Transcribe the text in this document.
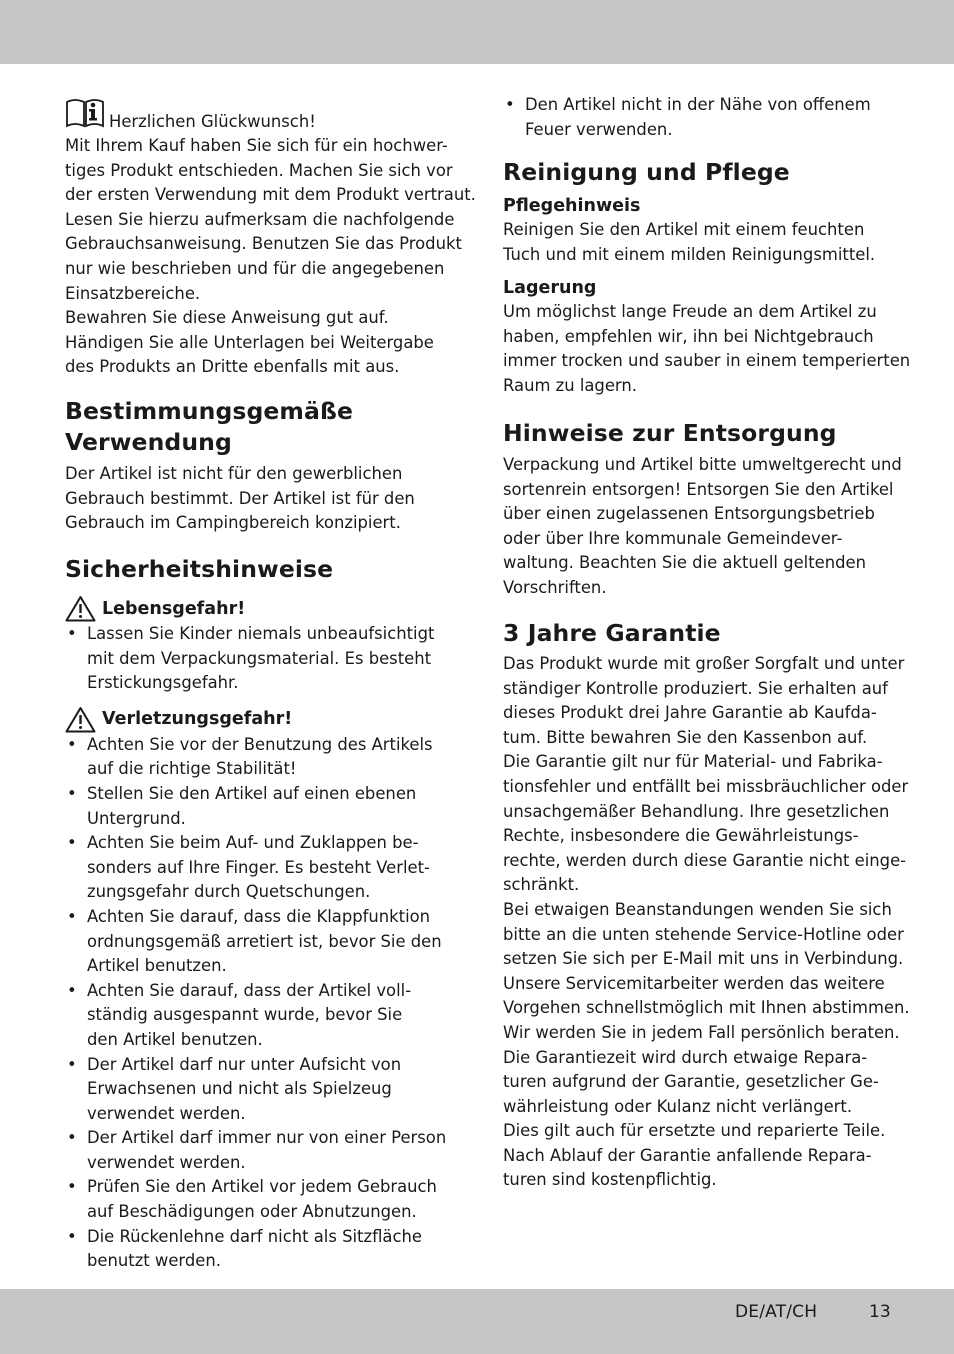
Herzlichen Glückwunsch!

Mit Ihrem Kauf haben Sie sich für ein hochwer-
tiges Produkt entschieden. Machen Sie sich vor
der ersten Verwendung mit dem Produkt vertraut.
Lesen Sie hierzu aufmerksam die nachfolgende
Gebrauchsanweisung. Benutzen Sie das Produkt
nur wie beschrieben und für die angegebenen
Einsatzbereiche.
Bewahren Sie diese Anweisung gut auf.
Händigen Sie alle Unterlagen bei Weitergabe
des Produkts an Dritte ebenfalls mit aus.

Bestimmungsgemäße
Verwendung

Der Artikel ist nicht für den gewerblichen
Gebrauch bestimmt. Der Artikel ist für den
Gebrauch im Campingbereich konzipiert.

Sicherheitshinweise
Lebensgefahr!
• Lassen Sie Kinder niemals unbeaufsichtigt
mit dem Verpackungsmaterial. Es besteht
Erstickungsgefahr.
Verletzungsgefahr!
• Achten Sie vor der Benutzung des Artikels
auf die richtige Stabilität!
• Stellen Sie den Artikel auf einen ebenen
Untergrund.
• Achten Sie beim Auf- und Zuklappen be-
sonders auf Ihre Finger. Es besteht Verlet-
zungsgefahr durch Quetschungen.
• Achten Sie darauf, dass die Klappfunktion
ordnungsgemäß arretiert ist, bevor Sie den
Artikel benutzen.
• Achten Sie darauf, dass der Artikel voll-
ständig ausgespannt wurde, bevor Sie
den Artikel benutzen.
• Der Artikel darf nur unter Aufsicht von
Erwachsenen und nicht als Spielzeug
verwendet werden.
• Der Artikel darf immer nur von einer Person
verwendet werden.
• Prüfen Sie den Artikel vor jedem Gebrauch
auf Beschädigungen oder Abnutzungen.
• Die Rückenlehne darf nicht als Sitzfläche
benutzt werden.
• Den Artikel nicht in der Nähe von offenem
Feuer verwenden.
Reinigung und Pflege
Pflegehinweis

Reinigen Sie den Artikel mit einem feuchten
Tuch und mit einem milden Reinigungsmittel.

Lagerung

Um möglichst lange Freude an dem Artikel zu
haben, empfehlen wir, ihn bei Nichtgebrauch
immer trocken und sauber in einem temperierten
Raum zu lagern.

Hinweise zur Entsorgung

Verpackung und Artikel bitte umweltgerecht und
sortenrein entsorgen! Entsorgen Sie den Artikel
über einen zugelassenen Entsorgungsbetrieb
oder über Ihre kommunale Gemeindever-
waltung. Beachten Sie die aktuell geltenden
Vorschriften.

3 Jahre Garantie

Das Produkt wurde mit großer Sorgfalt und unter
ständiger Kontrolle produziert. Sie erhalten auf
dieses Produkt drei Jahre Garantie ab Kaufda-
tum. Bitte bewahren Sie den Kassenbon auf.
Die Garantie gilt nur für Material- und Fabrika-
tionsfehler und entfällt bei missbräuchlicher oder
unsachgemäßer Behandlung. Ihre gesetzlichen
Rechte, insbesondere die Gewährleistungs-
rechte, werden durch diese Garantie nicht einge-
schränkt.
Bei etwaigen Beanstandungen wenden Sie sich
bitte an die unten stehende Service-Hotline oder
setzen Sie sich per E-Mail mit uns in Verbindung.
Unsere Servicemitarbeiter werden das weitere
Vorgehen schnellstmöglich mit Ihnen abstimmen.
Wir werden Sie in jedem Fall persönlich beraten.
Die Garantiezeit wird durch etwaige Repara-
turen aufgrund der Garantie, gesetzlicher Ge-
währleistung oder Kulanz nicht verlängert.
Dies gilt auch für ersetzte und reparierte Teile.
Nach Ablauf der Garantie anfallende Repara-
turen sind kostenpflichtig.

DE/AT/CH	13
